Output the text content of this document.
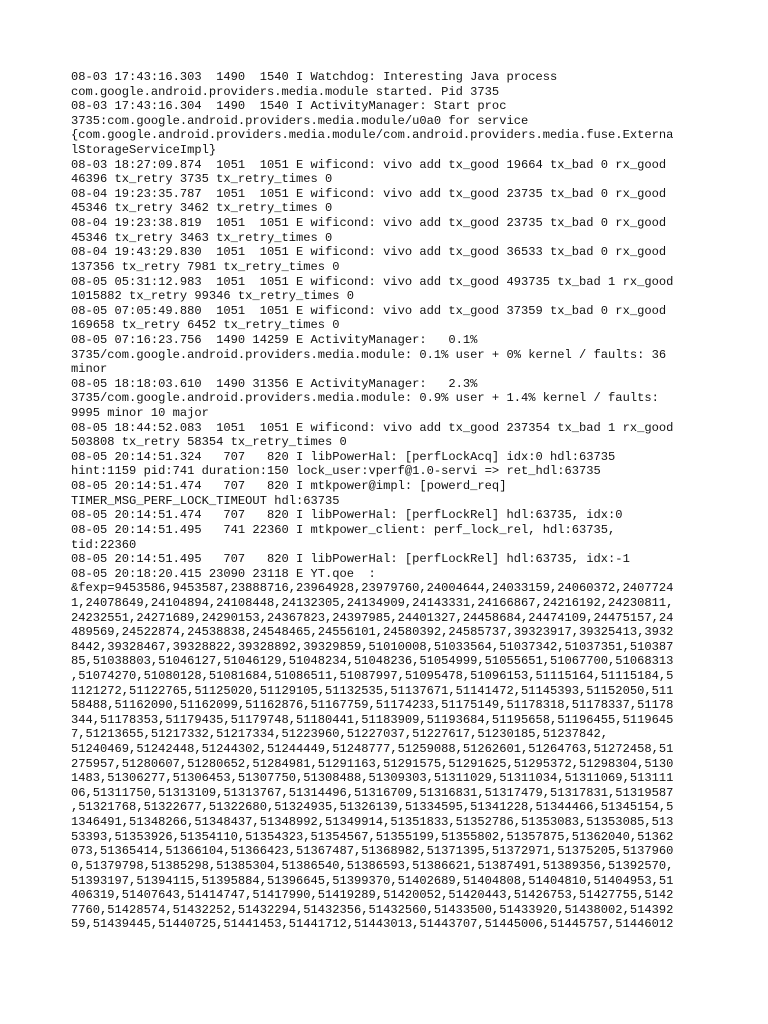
08-03 17:43:16.303  1490  1540 I Watchdog: Interesting Java process
com.google.android.providers.media.module started. Pid 3735
08-03 17:43:16.304  1490  1540 I ActivityManager: Start proc
3735:com.google.android.providers.media.module/u0a0 for service
{com.google.android.providers.media.module/com.android.providers.media.fuse.Externa
lStorageServiceImpl}
08-03 18:27:09.874  1051  1051 E wificond: vivo add tx_good 19664 tx_bad 0 rx_good
46396 tx_retry 3735 tx_retry_times 0
08-04 19:23:35.787  1051  1051 E wificond: vivo add tx_good 23735 tx_bad 0 rx_good
45346 tx_retry 3462 tx_retry_times 0
08-04 19:23:38.819  1051  1051 E wificond: vivo add tx_good 23735 tx_bad 0 rx_good
45346 tx_retry 3463 tx_retry_times 0
08-04 19:43:29.830  1051  1051 E wificond: vivo add tx_good 36533 tx_bad 0 rx_good
137356 tx_retry 7981 tx_retry_times 0
08-05 05:31:12.983  1051  1051 E wificond: vivo add tx_good 493735 tx_bad 1 rx_good
1015882 tx_retry 99346 tx_retry_times 0
08-05 07:05:49.880  1051  1051 E wificond: vivo add tx_good 37359 tx_bad 0 rx_good
169658 tx_retry 6452 tx_retry_times 0
08-05 07:16:23.756  1490 14259 E ActivityManager:   0.1%
3735/com.google.android.providers.media.module: 0.1% user + 0% kernel / faults: 36
minor
08-05 18:18:03.610  1490 31356 E ActivityManager:   2.3%
3735/com.google.android.providers.media.module: 0.9% user + 1.4% kernel / faults:
9995 minor 10 major
08-05 18:44:52.083  1051  1051 E wificond: vivo add tx_good 237354 tx_bad 1 rx_good
503808 tx_retry 58354 tx_retry_times 0
08-05 20:14:51.324   707   820 I libPowerHal: [perfLockAcq] idx:0 hdl:63735
hint:1159 pid:741 duration:150 lock_user:vperf@1.0-servi => ret_hdl:63735
08-05 20:14:51.474   707   820 I mtkpower@impl: [powerd_req]
TIMER_MSG_PERF_LOCK_TIMEOUT hdl:63735
08-05 20:14:51.474   707   820 I libPowerHal: [perfLockRel] hdl:63735, idx:0
08-05 20:14:51.495   741 22360 I mtkpower_client: perf_lock_rel, hdl:63735,
tid:22360
08-05 20:14:51.495   707   820 I libPowerHal: [perfLockRel] hdl:63735, idx:-1
08-05 20:18:20.415 23090 23118 E YT.qoe  :
&fexp=9453586,9453587,23888716,23964928,23979760,24004644,24033159,24060372,2407724
1,24078649,24104894,24108448,24132305,24134909,24143331,24166867,24216192,24230811,
24232551,24271689,24290153,24367823,24397985,24401327,24458684,24474109,24475157,24
489569,24522874,24538838,24548465,24556101,24580392,24585737,39323917,39325413,3932
8442,39328467,39328822,39328892,39329859,51010008,51033564,51037342,51037351,510387
85,51038803,51046127,51046129,51048234,51048236,51054999,51055651,51067700,51068313
,51074270,51080128,51081684,51086511,51087997,51095478,51096153,51115164,51115184,5
1121272,51122765,51125020,51129105,51132535,51137671,51141472,51145393,51152050,511
58488,51162090,51162099,51162876,51167759,51174233,51175149,51178318,51178337,51178
344,51178353,51179435,51179748,51180441,51183909,51193684,51195658,51196455,5119645
7,51213655,51217332,51217334,51223960,51227037,51227617,51230185,51237842,
51240469,51242448,51244302,51244449,51248777,51259088,51262601,51264763,51272458,51
275957,51280607,51280652,51284981,51291163,51291575,51291625,51295372,51298304,5130
1483,51306277,51306453,51307750,51308488,51309303,51311029,51311034,51311069,513111
06,51311750,51313109,51313767,51314496,51316709,51316831,51317479,51317831,51319587
,51321768,51322677,51322680,51324935,51326139,51334595,51341228,51344466,51345154,5
1346491,51348266,51348437,51348992,51349914,51351833,51352786,51353083,51353085,513
53393,51353926,51354110,51354323,51354567,51355199,51355802,51357875,51362040,51362
073,51365414,51366104,51366423,51367487,51368982,51371395,51372971,51375205,5137960
0,51379798,51385298,51385304,51386540,51386593,51386621,51387491,51389356,51392570,
51393197,51394115,51395884,51396645,51399370,51402689,51404808,51404810,51404953,51
406319,51407643,51414747,51417990,51419289,51420052,51420443,51426753,51427755,5142
7760,51428574,51432252,51432294,51432356,51432560,51433500,51433920,51438002,514392
59,51439445,51440725,51441453,51441712,51443013,51443707,51445006,51445757,51446012
